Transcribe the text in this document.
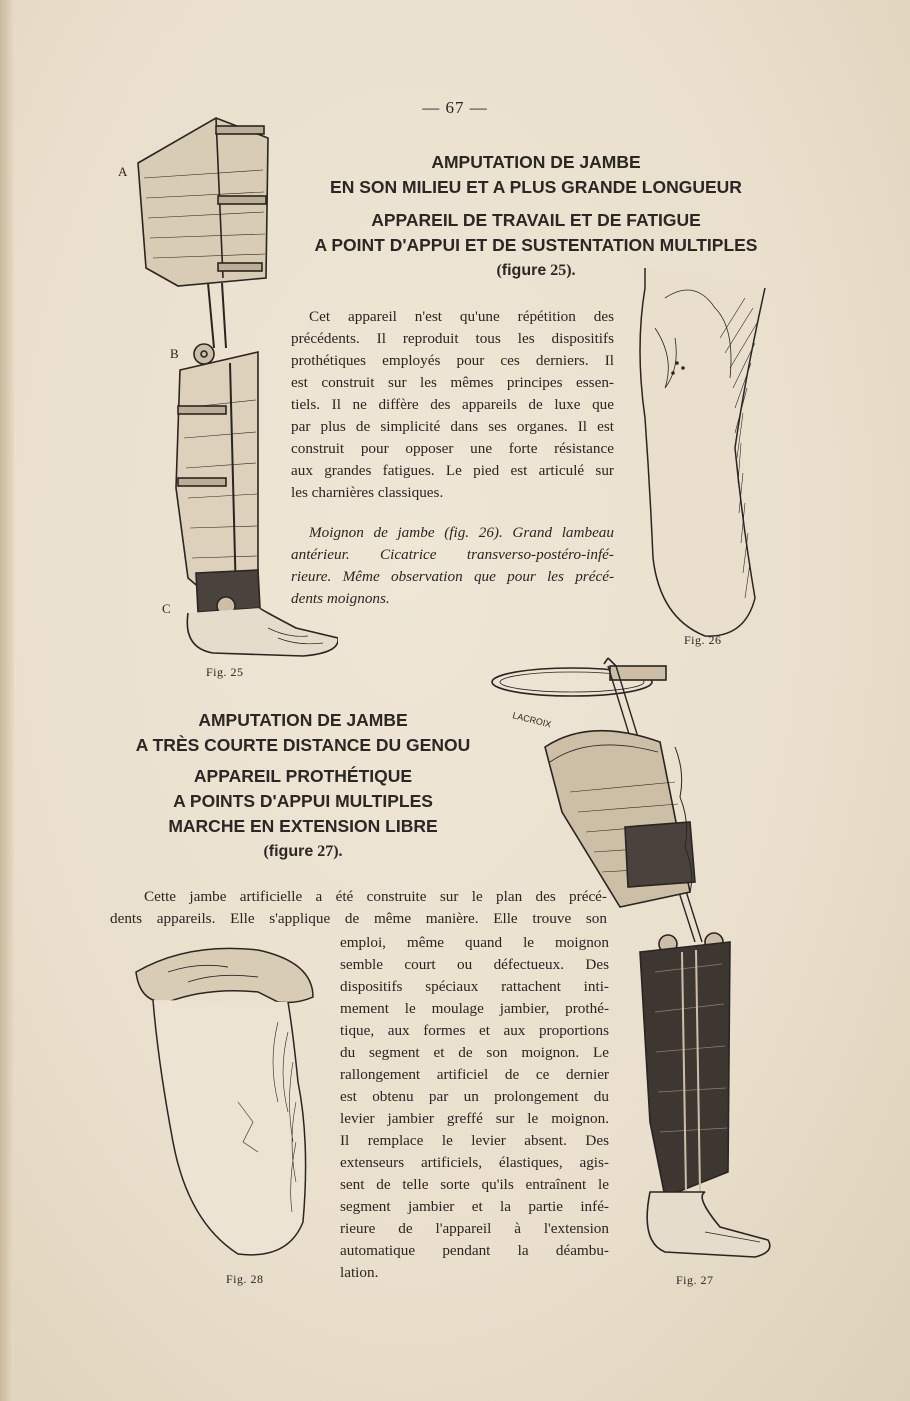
— 67 —
A
B
C
Fig. 25
AMPUTATION DE JAMBE
EN SON MILIEU ET A PLUS GRANDE LONGUEUR
APPAREIL DE TRAVAIL ET DE FATIGUE
A POINT D'APPUI ET DE SUSTENTATION MULTIPLES
(figure 25).
Cet appareil n'est qu'une répétition des
précédents. Il reproduit tous les dispositifs
prothétiques employés pour ces derniers. Il
est construit sur les mêmes principes essen-
tiels. Il ne diffère des appareils de luxe que
par plus de simplicité dans ses organes. Il est
construit pour opposer une forte résistance
aux grandes fatigues. Le pied est articulé sur
les charnières classiques.
Moignon de jambe (fig. 26). Grand lambeau
antérieur. Cicatrice transverso-postéro-infé-
rieure. Même observation que pour les précé-
dents moignons.
Fig. 26
AMPUTATION DE JAMBE
A TRÈS COURTE DISTANCE DU GENOU
APPAREIL PROTHÉTIQUE
A POINTS D'APPUI MULTIPLES
MARCHE EN EXTENSION LIBRE
(figure 27).
LACROIX
Fig. 27
Cette jambe artificielle a été construite sur le plan des précé-
dents appareils. Elle s'applique de même manière. Elle trouve son
Fig. 28
emploi, même quand le moignon
semble court ou défectueux. Des
dispositifs spéciaux rattachent inti-
mement le moulage jambier, prothé-
tique, aux formes et aux proportions
du segment et de son moignon. Le
rallongement artificiel de ce dernier
est obtenu par un prolongement du
levier jambier greffé sur le moignon.
Il remplace le levier absent. Des
extenseurs artificiels, élastiques, agis-
sent de telle sorte qu'ils entraînent le
segment jambier et la partie infé-
rieure de l'appareil à l'extension
automatique pendant la déambu-
lation.
